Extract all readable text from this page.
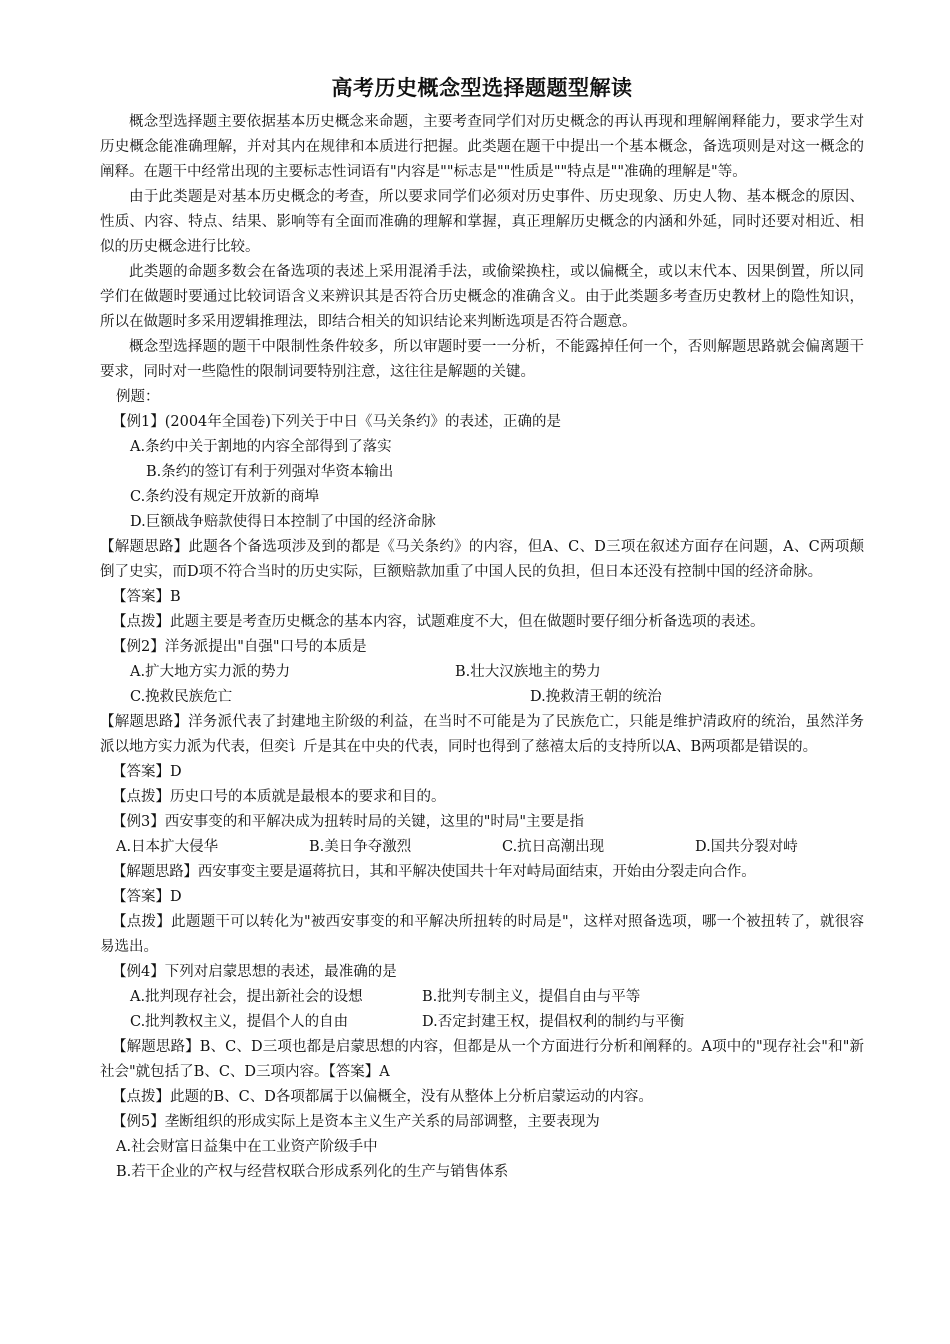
高考历史概念型选择题题型解读

概念型选择题主要依据基本历史概念来命题，主要考查同学们对历史概念的再认再现和理解阐释能力，要求学生对历史概念能准确理解，并对其内在规律和本质进行把握。此类题在题干中提出一个基本概念，备选项则是对这一概念的阐释。在题干中经常出现的主要标志性词语有"内容是""标志是""性质是""特点是""准确的理解是"等。

由于此类题是对基本历史概念的考查，所以要求同学们必须对历史事件、历史现象、历史人物、基本概念的原因、性质、内容、特点、结果、影响等有全面而准确的理解和掌握，真正理解历史概念的内涵和外延，同时还要对相近、相似的历史概念进行比较。

此类题的命题多数会在备选项的表述上采用混淆手法，或偷梁换柱，或以偏概全，或以末代本、因果倒置，所以同学们在做题时要通过比较词语含义来辨识其是否符合历史概念的准确含义。由于此类题多考查历史教材上的隐性知识，所以在做题时多采用逻辑推理法，即结合相关的知识结论来判断选项是否符合题意。

概念型选择题的题干中限制性条件较多，所以审题时要一一分析，不能露掉任何一个，否则解题思路就会偏离题干要求，同时对一些隐性的限制词要特别注意，这往往是解题的关键。

例题：
【例1】(2004年全国卷)下列关于中日《马关条约》的表述，正确的是
A.条约中关于割地的内容全部得到了落实
B.条约的签订有利于列强对华资本输出
C.条约没有规定开放新的商埠
D.巨额战争赔款使得日本控制了中国的经济命脉
【解题思路】此题各个备选项涉及到的都是《马关条约》的内容，但A、C、D三项在叙述方面存在问题，A、C两项颠倒了史实，而D项不符合当时的历史实际，巨额赔款加重了中国人民的负担，但日本还没有控制中国的经济命脉。
【答案】B
【点拨】此题主要是考查历史概念的基本内容，试题难度不大，但在做题时要仔细分析备选项的表述。
【例2】洋务派提出"自强"口号的本质是
A.扩大地方实力派的势力	B.壮大汉族地主的势力
C.挽救民族危亡	D.挽救清王朝的统治
【解题思路】洋务派代表了封建地主阶级的利益，在当时不可能是为了民族危亡，只能是维护清政府的统治，虽然洋务派以地方实力派为代表，但奕讠斤是其在中央的代表，同时也得到了慈禧太后的支持所以A、B两项都是错误的。
【答案】D
【点拨】历史口号的本质就是最根本的要求和目的。
【例3】西安事变的和平解决成为扭转时局的关键，这里的"时局"主要是指
A.日本扩大侵华	B.美日争夺激烈	C.抗日高潮出现	D.国共分裂对峙
【解题思路】西安事变主要是逼蒋抗日，其和平解决使国共十年对峙局面结束，开始由分裂走向合作。
【答案】D
【点拨】此题题干可以转化为"被西安事变的和平解决所扭转的时局是"，这样对照备选项，哪一个被扭转了，就很容易选出。
【例4】下列对启蒙思想的表述，最准确的是
A.批判现存社会，提出新社会的设想	B.批判专制主义，提倡自由与平等
C.批判教权主义，提倡个人的自由	D.否定封建王权，提倡权利的制约与平衡
【解题思路】B、C、D三项也都是启蒙思想的内容，但都是从一个方面进行分析和阐释的。A项中的"现存社会"和"新社会"就包括了B、C、D三项内容。【答案】A
【点拨】此题的B、C、D各项都属于以偏概全，没有从整体上分析启蒙运动的内容。
【例5】垄断组织的形成实际上是资本主义生产关系的局部调整，主要表现为
A.社会财富日益集中在工业资产阶级手中
B.若干企业的产权与经营权联合形成系列化的生产与销售体系
